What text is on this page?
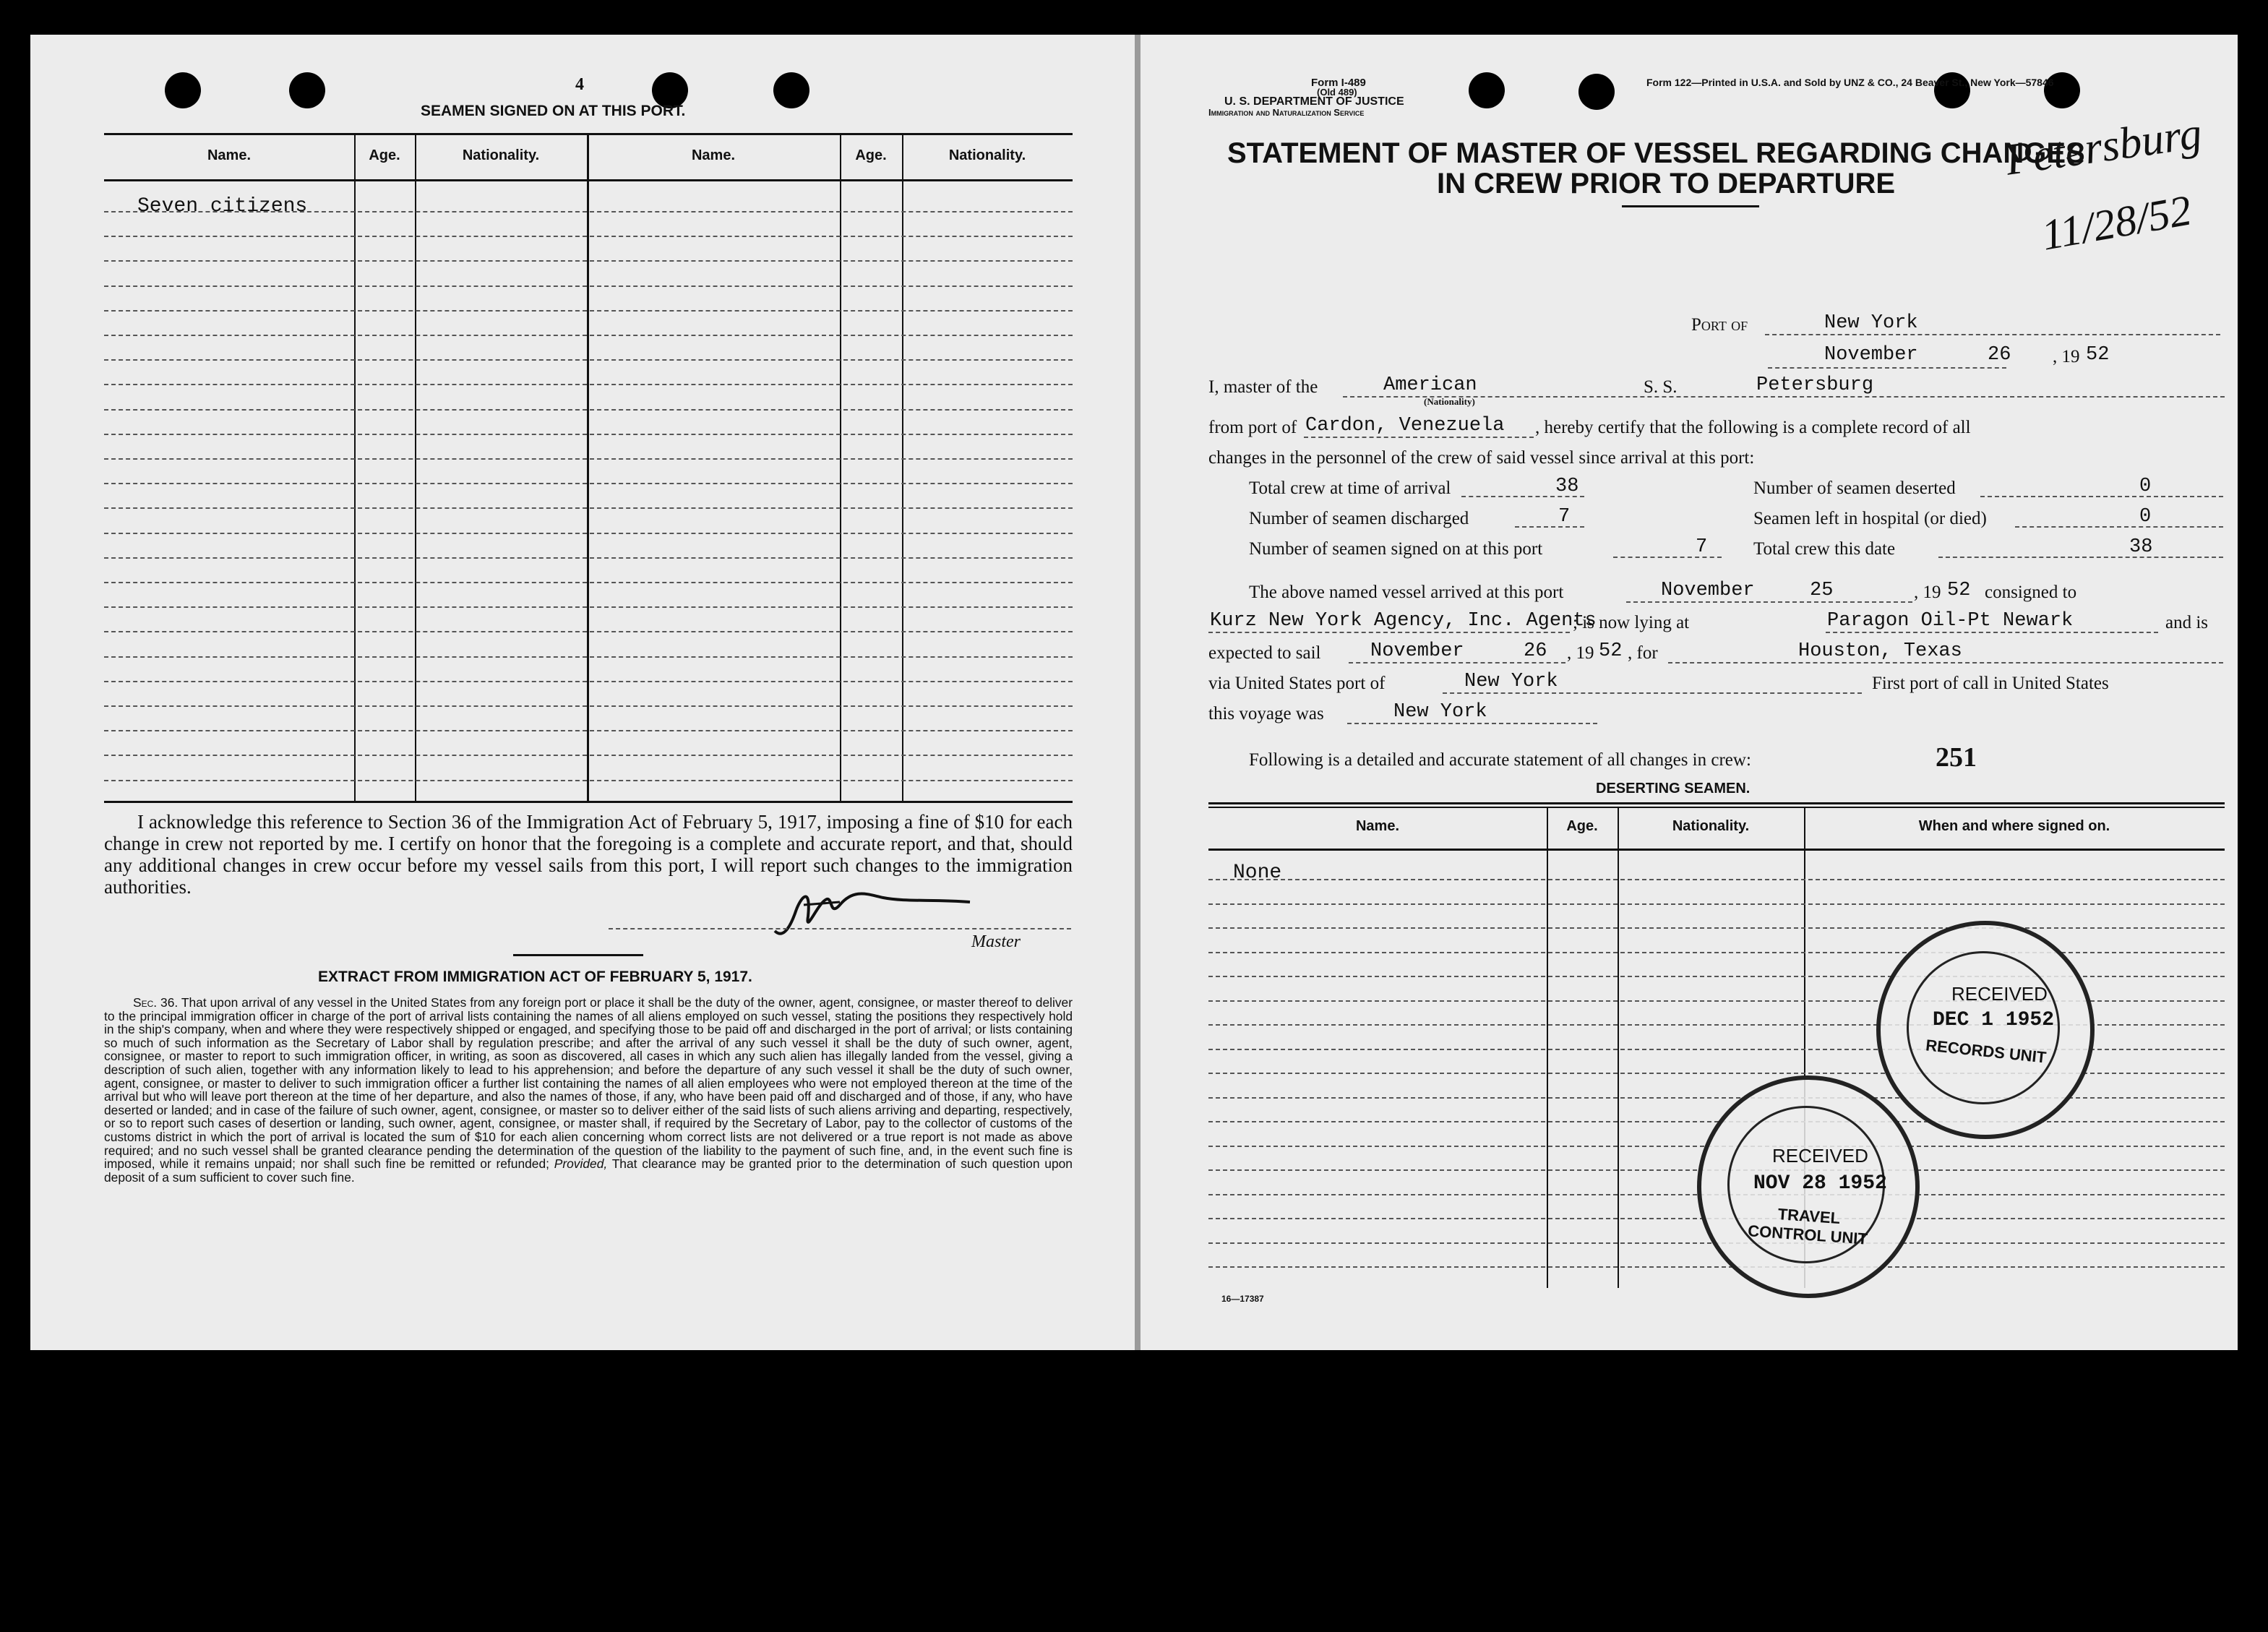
4
SEAMEN SIGNED ON AT THIS PORT.
Name.	Age.	Nationality.	Name.	Age.	Nationality.
Seven citizens
I acknowledge this reference to Section 36 of the Immigration Act of February 5, 1917, imposing a fine of $10 for each change in crew not reported by me. I certify on honor that the foregoing is a complete and accurate report, and that, should any additional changes in crew occur before my vessel sails from this port, I will report such changes to the immigration authorities.
Master
EXTRACT FROM IMMIGRATION ACT OF FEBRUARY 5, 1917.
Sec. 36. That upon arrival of any vessel in the United States from any foreign port or place it shall be the duty of the owner, agent, consignee, or master thereof to deliver to the principal immigration officer in charge of the port of arrival lists containing the names of all aliens employed on such vessel, stating the positions they respectively hold in the ship's company, when and where they were respectively shipped or engaged, and specifying those to be paid off and discharged in the port of arrival; or lists containing so much of such information as the Secretary of Labor shall by regulation prescribe; and after the arrival of any such vessel it shall be the duty of such owner, agent, consignee, or master to report to such immigration officer, in writing, as soon as discovered, all cases in which any such alien has illegally landed from the vessel, giving a description of such alien, together with any information likely to lead to his apprehension; and before the departure of any such vessel it shall be the duty of such owner, agent, consignee, or master to deliver to such immigration officer a further list containing the names of all alien employees who were not employed thereon at the time of the arrival but who will leave port thereon at the time of her departure, and also the names of those, if any, who have been paid off and discharged and of those, if any, who have deserted or landed; and in case of the failure of such owner, agent, consignee, or master so to deliver either of the said lists of such aliens arriving and departing, respectively, or so to report such cases of desertion or landing, such owner, agent, consignee, or master shall, if required by the Secretary of Labor, pay to the collector of customs of the customs district in which the port of arrival is located the sum of $10 for each alien concerning whom correct lists are not delivered or a true report is not made as above required; and no such vessel shall be granted clearance pending the determination of the question of the liability to the payment of such fine, and, in the event such fine is imposed, while it remains unpaid; nor shall such fine be remitted or refunded; Provided, That clearance may be granted prior to the determination of such question upon deposit of a sum sufficient to cover such fine.
Form I-489
(Old 489)
U. S. DEPARTMENT OF JUSTICE
Immigration and Naturalization Service
Form 122—Printed in U.S.A. and Sold by UNZ & CO., 24 Beaver St., New York—57846
Petersburg
11/28/52
STATEMENT OF MASTER OF VESSEL REGARDING CHANGES
IN CREW PRIOR TO DEPARTURE
Port of	New York
November	26 , 19 52
I, master of the	American
(Nationality)
S. S.	Petersburg
from port of Cardon, Venezuela , hereby certify that the following is a complete record of all
changes in the personnel of the crew of said vessel since arrival at this port:
Total crew at time of arrival	38
Number of seamen discharged	7
Number of seamen signed on at this port	7
Number of seamen deserted	0
Seamen left in hospital (or died)	0
Total crew this date	38
The above named vessel arrived at this port	November	25	, 19 52 consigned to
Kurz New York Agency, Inc. Agents
; is now lying at	Paragon Oil-Pt Newark	and is
expected to sail	November	26 , 19 52 , for	Houston, Texas
via United States port of	New York	First port of call in United States
this voyage was	New York
Following is a detailed and accurate statement of all changes in crew:	251
DESERTING SEAMEN.
Name.	Age.	Nationality.	When and where signed on.
None
16—17387
RECEIVED
DEC 1 1952
RECORDS UNIT
RECEIVED
NOV 28 1952
TRAVEL CONTROL UNIT
